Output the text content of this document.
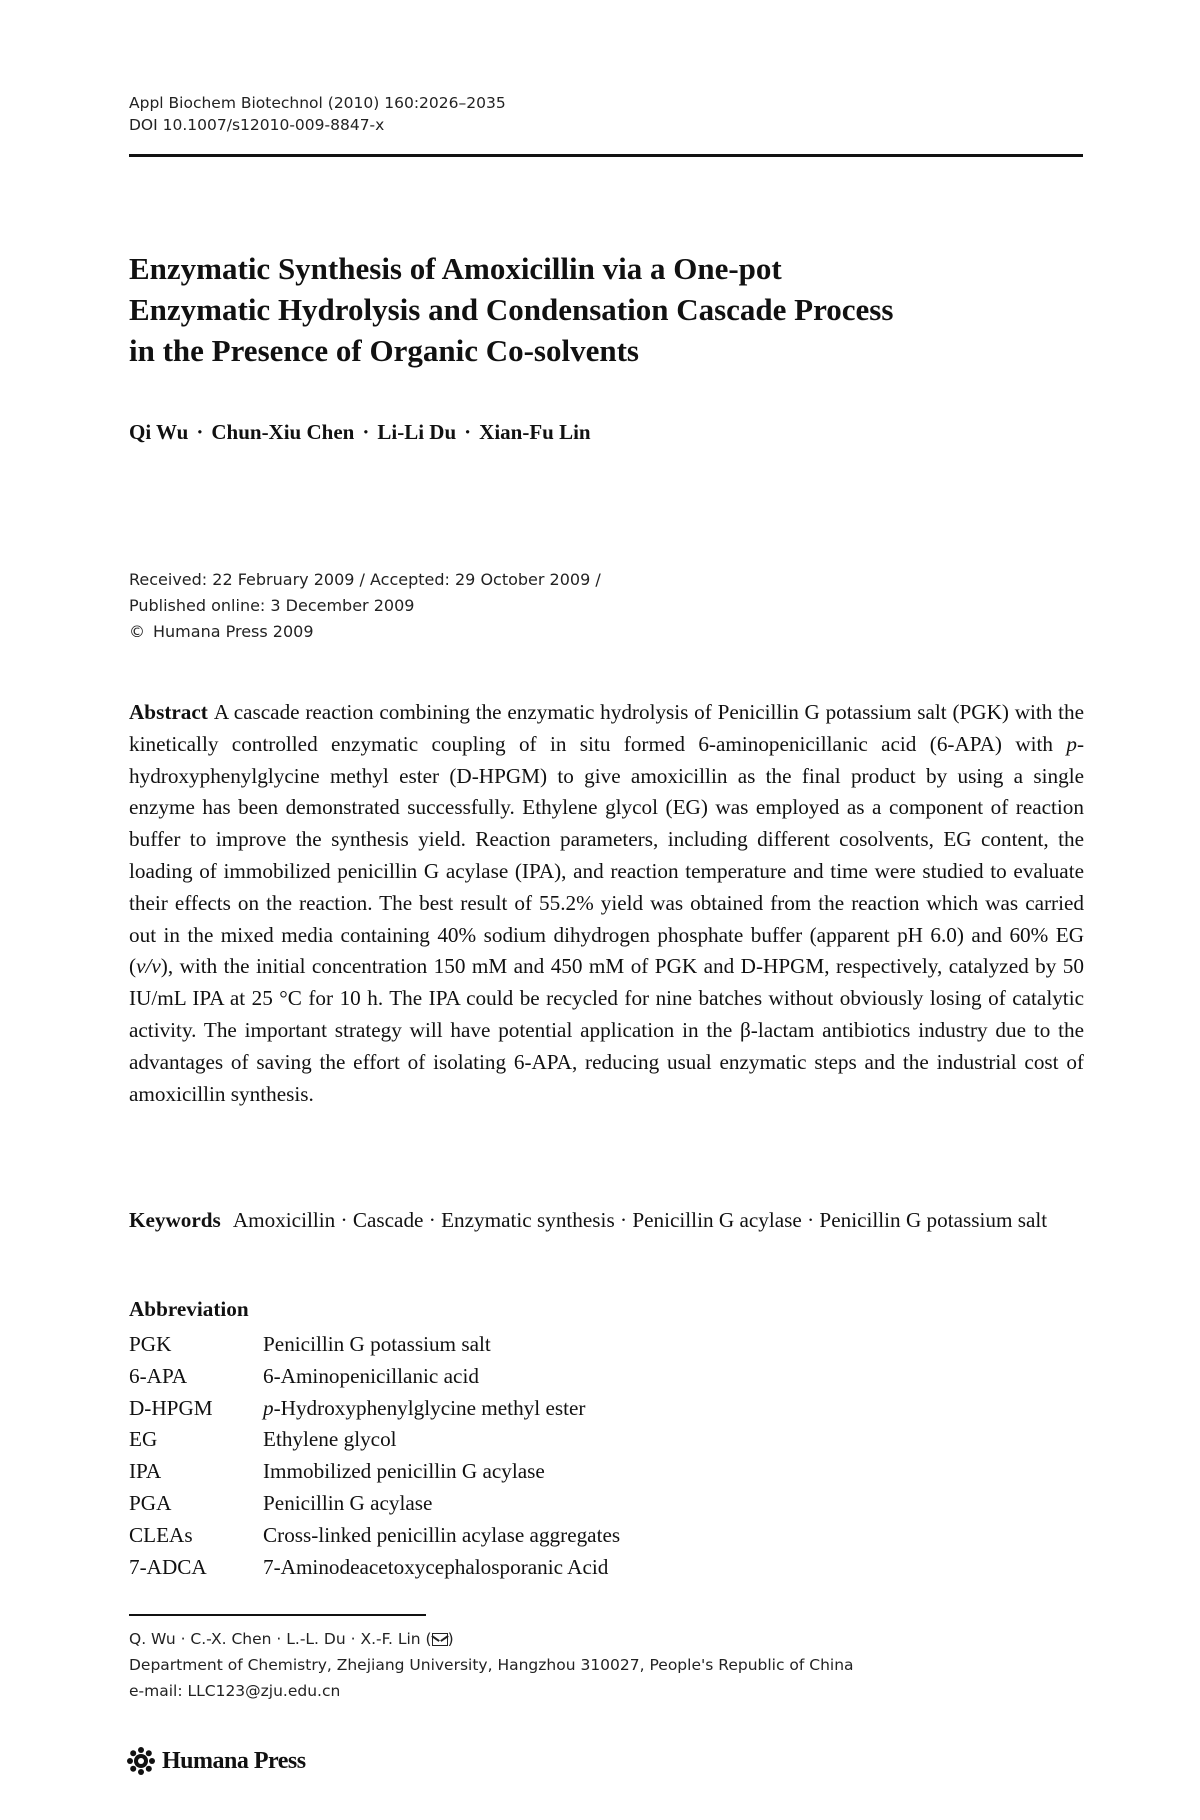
Appl Biochem Biotechnol (2010) 160:2026–2035
DOI 10.1007/s12010-009-8847-x
Enzymatic Synthesis of Amoxicillin via a One-pot
Enzymatic Hydrolysis and Condensation Cascade Process
in the Presence of Organic Co-solvents
Qi Wu · Chun-Xiu Chen · Li-Li Du · Xian-Fu Lin
Received: 22 February 2009 / Accepted: 29 October 2009 /
Published online: 3 December 2009
© Humana Press 2009
Abstract A cascade reaction combining the enzymatic hydrolysis of Penicillin G potassium salt (PGK) with the kinetically controlled enzymatic coupling of in situ formed 6-aminopenicillanic acid (6-APA) with p-hydroxyphenylglycine methyl ester (D-HPGM) to give amoxicillin as the final product by using a single enzyme has been demonstrated successfully. Ethylene glycol (EG) was employed as a component of reaction buffer to improve the synthesis yield. Reaction parameters, including different cosolvents, EG content, the loading of immobilized penicillin G acylase (IPA), and reaction temperature and time were studied to evaluate their effects on the reaction. The best result of 55.2% yield was obtained from the reaction which was carried out in the mixed media containing 40% sodium dihydrogen phosphate buffer (apparent pH 6.0) and 60% EG (v/v), with the initial concentration 150 mM and 450 mM of PGK and D-HPGM, respectively, catalyzed by 50 IU/mL IPA at 25 °C for 10 h. The IPA could be recycled for nine batches without obviously losing of catalytic activity. The important strategy will have potential application in the β-lactam antibiotics industry due to the advantages of saving the effort of isolating 6-APA, reducing usual enzymatic steps and the industrial cost of amoxicillin synthesis.
Keywords Amoxicillin · Cascade · Enzymatic synthesis · Penicillin G acylase · Penicillin G potassium salt
Abbreviation
PGK	Penicillin G potassium salt
6-APA	6-Aminopenicillanic acid
D-HPGM	p-Hydroxyphenylglycine methyl ester
EG	Ethylene glycol
IPA	Immobilized penicillin G acylase
PGA	Penicillin G acylase
CLEAs	Cross-linked penicillin acylase aggregates
7-ADCA	7-Aminodeacetoxycephalosporanic Acid
Q. Wu · C.-X. Chen · L.-L. Du · X.-F. Lin ( )
Department of Chemistry, Zhejiang University, Hangzhou 310027, People's Republic of China
e-mail: LLC123@zju.edu.cn
Humana Press
